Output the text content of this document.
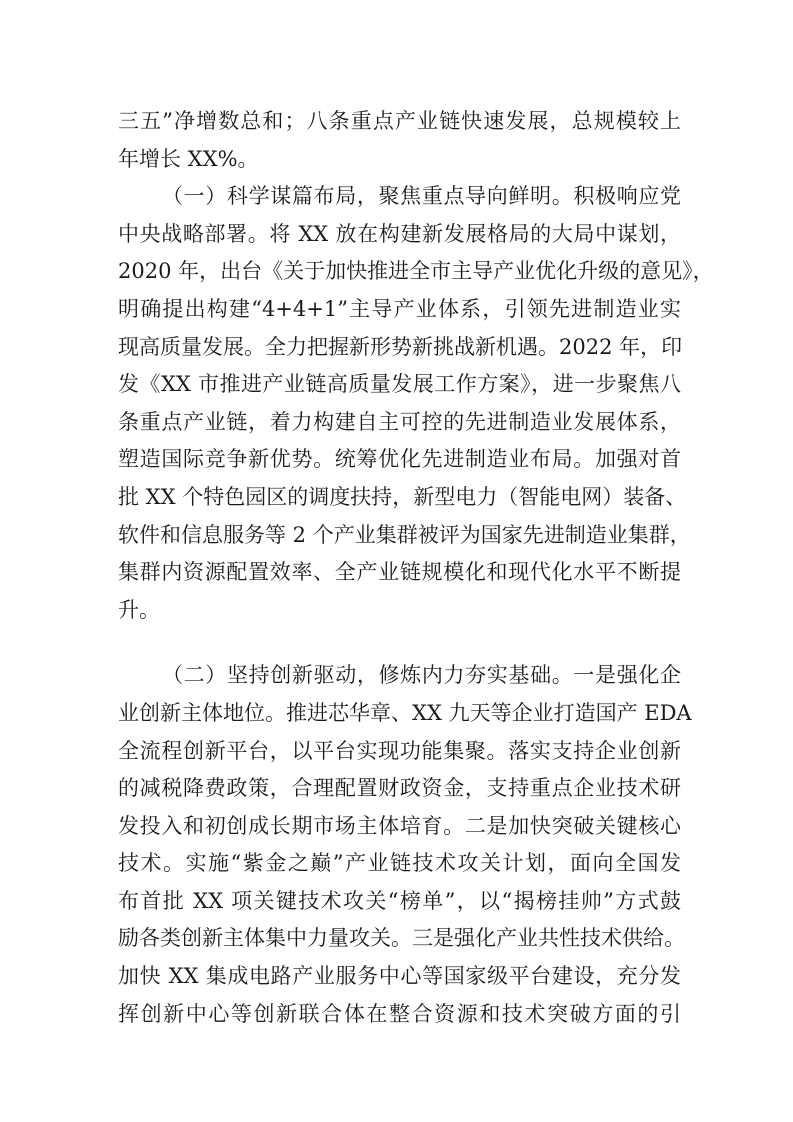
三五”净增数总和；八条重点产业链快速发展，总规模较上
年增长 XX%。
（一）科学谋篇布局，聚焦重点导向鲜明。积极响应党
中央战略部署。将 XX 放在构建新发展格局的大局中谋划，
2020 年，出台《关于加快推进全市主导产业优化升级的意见》，
明确提出构建“4+4+1”主导产业体系，引领先进制造业实
现高质量发展。全力把握新形势新挑战新机遇。2022 年，印
发《XX 市推进产业链高质量发展工作方案》，进一步聚焦八
条重点产业链，着力构建自主可控的先进制造业发展体系，
塑造国际竞争新优势。统筹优化先进制造业布局。加强对首
批 XX 个特色园区的调度扶持，新型电力（智能电网）装备、
软件和信息服务等 2 个产业集群被评为国家先进制造业集群，
集群内资源配置效率、全产业链规模化和现代化水平不断提
升。
（二）坚持创新驱动，修炼内力夯实基础。一是强化企
业创新主体地位。推进芯华章、XX 九天等企业打造国产 EDA
全流程创新平台，以平台实现功能集聚。落实支持企业创新
的减税降费政策，合理配置财政资金，支持重点企业技术研
发投入和初创成长期市场主体培育。二是加快突破关键核心
技术。实施“紫金之巅”产业链技术攻关计划，面向全国发
布首批 XX 项关键技术攻关“榜单”，以“揭榜挂帅”方式鼓
励各类创新主体集中力量攻关。三是强化产业共性技术供给。
加快 XX 集成电路产业服务中心等国家级平台建设，充分发
挥创新中心等创新联合体在整合资源和技术突破方面的引
